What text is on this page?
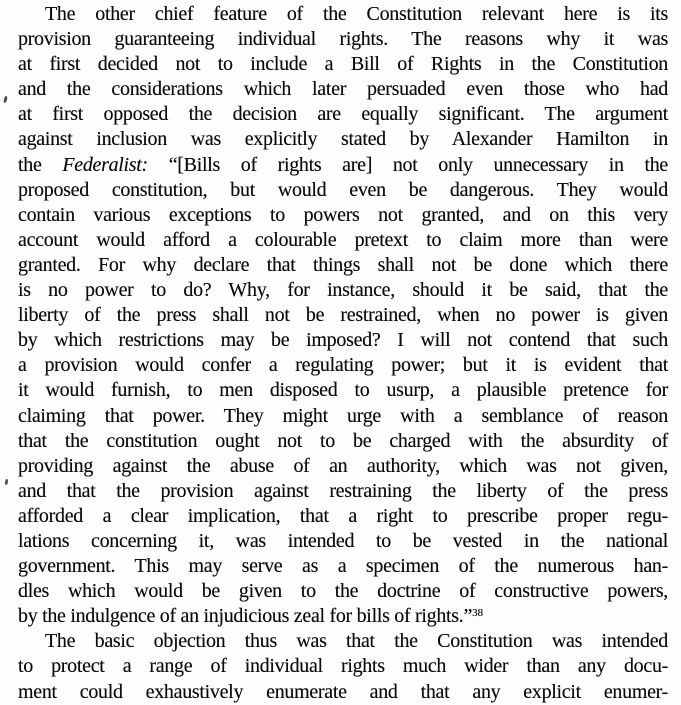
The other chief feature of the Constitution relevant here is its
provision guaranteeing individual rights. The reasons why it was
at first decided not to include a Bill of Rights in the Constitution
and the considerations which later persuaded even those who had
at first opposed the decision are equally significant. The argument
against inclusion was explicitly stated by Alexander Hamilton in
the Federalist: “[Bills of rights are] not only unnecessary in the
proposed constitution, but would even be dangerous. They would
contain various exceptions to powers not granted, and on this very
account would afford a colourable pretext to claim more than were
granted. For why declare that things shall not be done which there
is no power to do? Why, for instance, should it be said, that the
liberty of the press shall not be restrained, when no power is given
by which restrictions may be imposed? I will not contend that such
a provision would confer a regulating power; but it is evident that
it would furnish, to men disposed to usurp, a plausible pretence for
claiming that power. They might urge with a semblance of reason
that the constitution ought not to be charged with the absurdity of
providing against the abuse of an authority, which was not given,
and that the provision against restraining the liberty of the press
afforded a clear implication, that a right to prescribe proper regu-
lations concerning it, was intended to be vested in the national
government. This may serve as a specimen of the numerous han-
dles which would be given to the doctrine of constructive powers,
by the indulgence of an injudicious zeal for bills of rights.”$^{38}$
The basic objection thus was that the Constitution was intended
to protect a range of individual rights much wider than any docu-
ment could exhaustively enumerate and that any explicit enumer-
